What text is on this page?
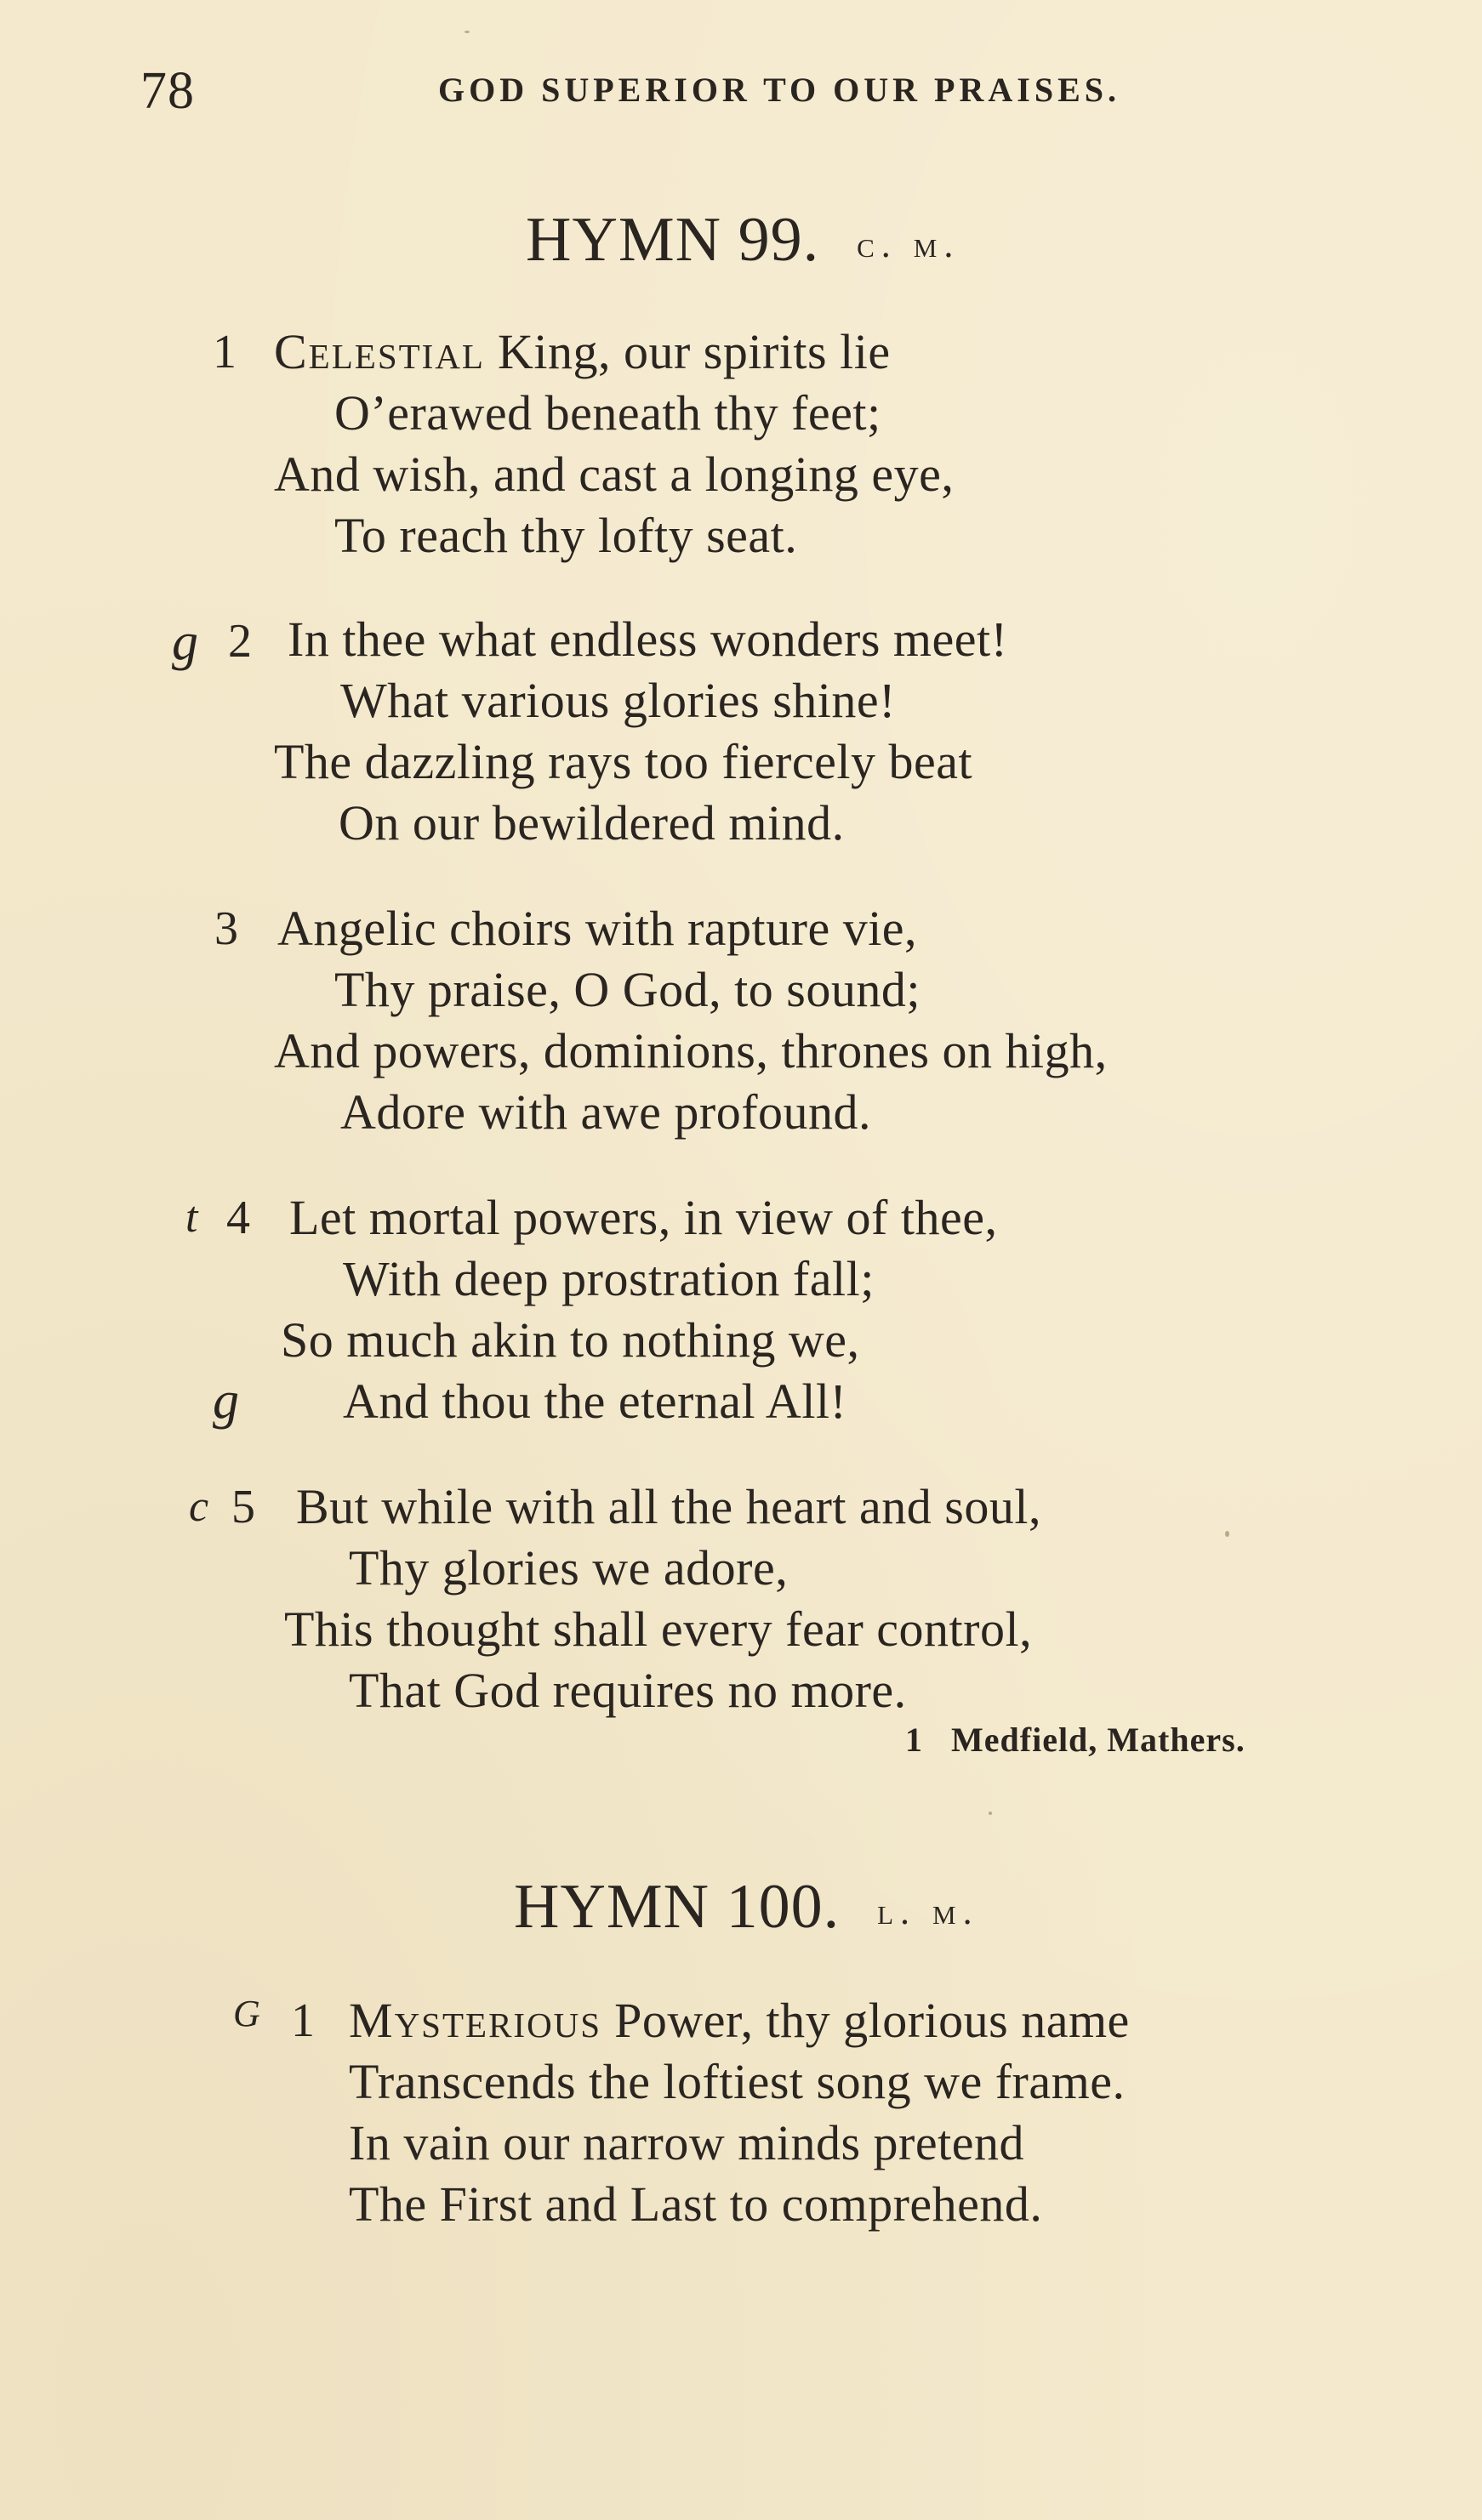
78	GOD SUPERIOR TO OUR PRAISES.
HYMN 99. c. m.
1 Celestial King, our spirits lie
O’erawed beneath thy feet;
And wish, and cast a longing eye,
To reach thy lofty seat.
g 2 In thee what endless wonders meet!
What various glories shine!
The dazzling rays too fiercely beat
On our bewildered mind.
3 Angelic choirs with rapture vie,
Thy praise, O God, to sound;
And powers, dominions, thrones on high,
Adore with awe profound.
t 4 Let mortal powers, in view of thee,
With deep prostration fall;
So much akin to nothing we,
g And thou the eternal All!
c 5 But while with all the heart and soul,
Thy glories we adore,
This thought shall every fear control,
That God requires no more.
1 Medfield, Mathers.
HYMN 100. l. m.
G 1 Mysterious Power, thy glorious name
Transcends the loftiest song we frame.
In vain our narrow minds pretend
The First and Last to comprehend.
